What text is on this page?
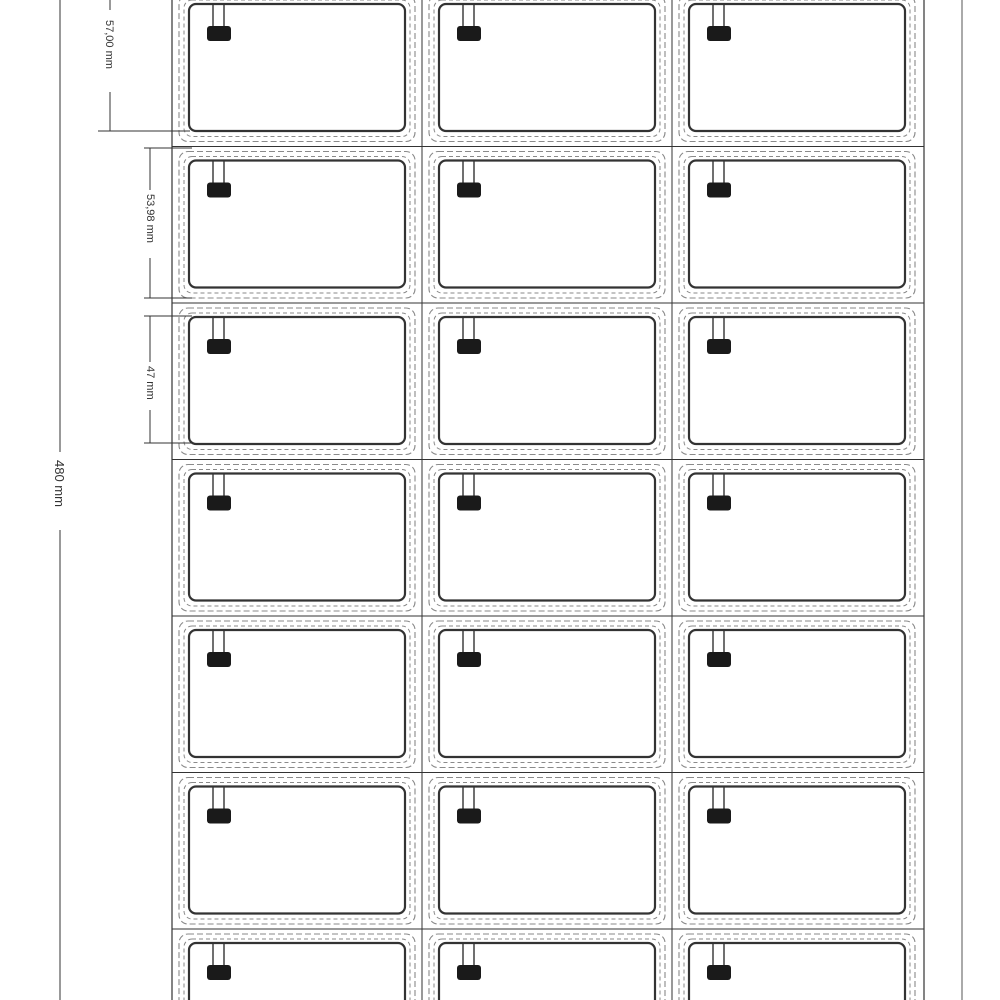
57,00 mm
53,98 mm
47 mm
480 mm
